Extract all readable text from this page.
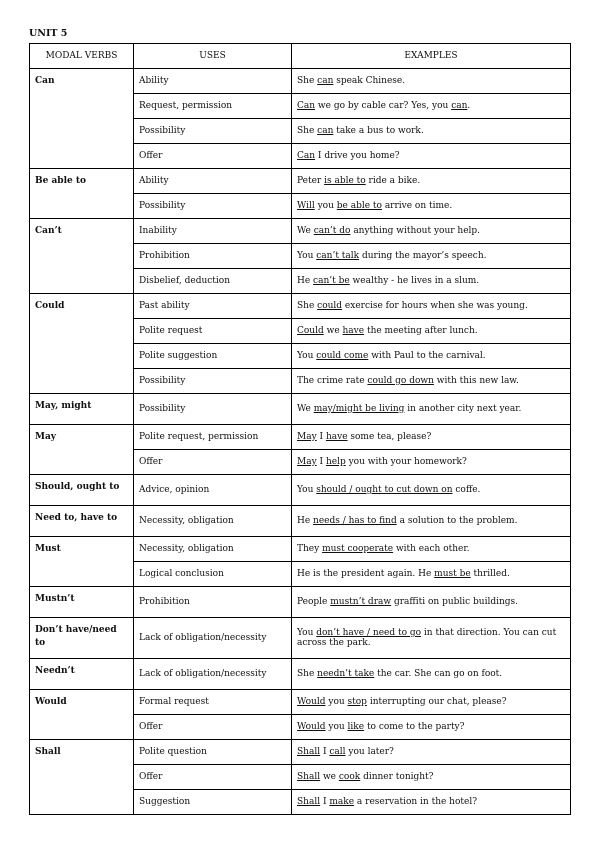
UNIT 5
MODAL VERBS	USES	EXAMPLES
Can	Ability	She can speak Chinese.
	Request, permission	Can we go by cable car? Yes, you can.
	Possibility	She can take a bus to work.
	Offer	Can I drive you home?
Be able to	Ability	Peter is able to ride a bike.
	Possibility	Will you be able to arrive on time.
Can’t	Inability	We can’t do anything without your help.
	Prohibition	You can’t talk during the mayor’s speech.
	Disbelief, deduction	He can’t be wealthy - he lives in a slum.
Could	Past ability	She could exercise for hours when she was young.
	Polite request	Could we have the meeting after lunch.
	Polite suggestion	You could come with Paul to the carnival.
	Possibility	The crime rate could go down with this new law.
May, might	Possibility	We may/might be living in another city next year.
May	Polite request, permission	May I have some tea, please?
	Offer	May I help you with your homework?
Should, ought to	Advice, opinion	You should / ought to cut down on coffe.
Need to, have to	Necessity, obligation	He needs / has to find a solution to the problem.
Must	Necessity, obligation	They must cooperate with each other.
	Logical conclusion	He is the president again. He must be thrilled.
Mustn’t	Prohibition	People mustn’t draw graffiti on public buildings.
Don’t have/need to	Lack of obligation/necessity	You don’t have / need to go in that direction. You can cut across the park.
Needn’t	Lack of obligation/necessity	She needn’t take the car. She can go on foot.
Would	Formal request	Would you stop interrupting our chat, please?
	Offer	Would you like to come to the party?
Shall	Polite question	Shall I call you later?
	Offer	Shall we cook dinner tonight?
	Suggestion	Shall I make a reservation in the hotel?
